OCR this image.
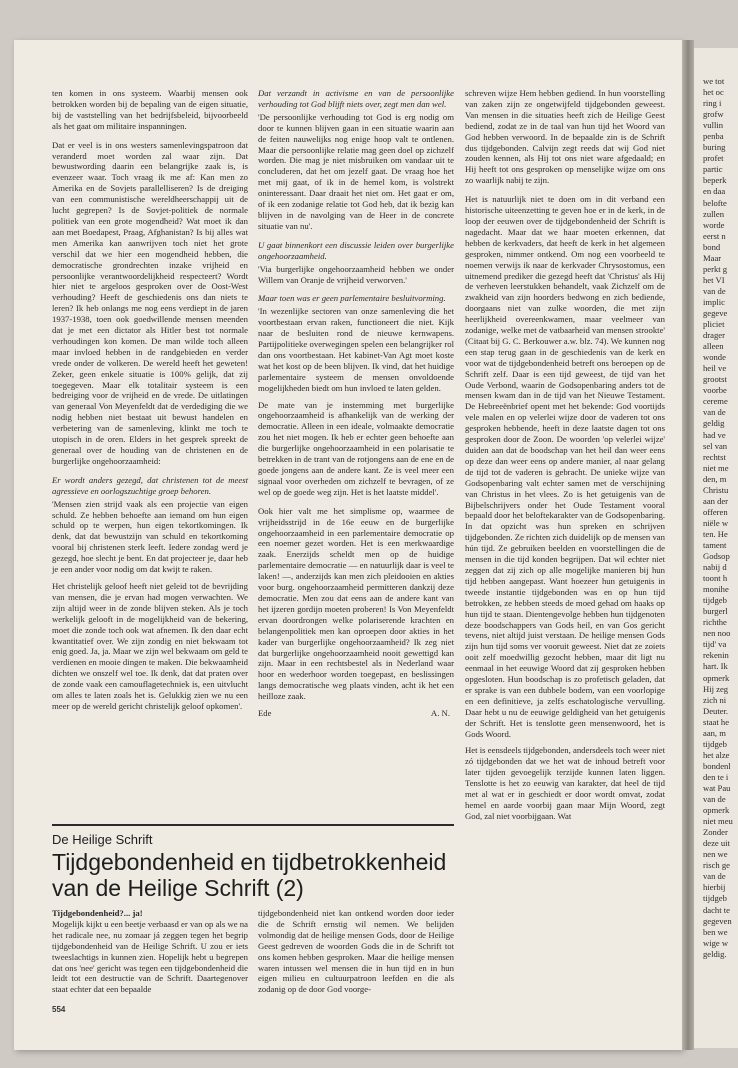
we tot
het oc
ring i
grofw
vullin
penba
buring
profet
partic
beperk
en daa
belofte
zullen
worde
eerst n
bond
Maar
perkt g
het VI
van de
implic
gegeve
pliciet
drager
alleen
wonde
heil ve
grootst
voorbe
cereme
van de
geldig
had ve
sel van
rechtst
niet me
den, m
Christu
aan der
offeren
niële w
ten. He
tament
Godsop
nabij d
toont h
monihe
tijdgeb
burgerl
richthe
nen noo
tijd' va
rekenin
hart. Ik
opmerk
Hij zeg
zich ni
Deuter.
staat he
aan, m
tijdgeb
het alze
bondenl
den te i
wat Pau
van de
opmerk
niet meu
Zonder
deze uit
nen we
risch ge
van de
hierbij
tijdgeb
dacht te
gegeven
ben we
wige w
geldig.

ten komen in ons systeem. Waarbij mensen ook betrokken worden bij de bepaling van de eigen situatie, bij de vaststelling van het bedrijfsbeleid, bijvoorbeeld als het gaat om militaire inspanningen.

Dat er veel is in ons westers samenlevingspatroon dat veranderd moet worden zal waar zijn. Dat bewustwording daarin een belangrijke zaak is, is evenzeer waar. Toch vraag ik me af: Kan men zo Amerika en de Sovjets parallelliseren? Is de dreiging van een communistische wereldheerschappij uit de lucht gegrepen? Is de Sovjet-politiek de normale politiek van een grote mogendheid? Wat moet ik dan aan met Boedapest, Praag, Afghanistan? Is bij alles wat men Amerika kan aanwrijven toch niet het grote verschil dat we hier een mogendheid hebben, die democratische grondrechten inzake vrijheid en persoonlijke verantwoordelijkheid respecteert? Wordt hier niet te argeloos gesproken over de Oost-West verhouding? Heeft de geschiedenis ons dan niets te leren? Ik heb onlangs me nog eens verdiept in de jaren 1937-1938, toen ook goedwillende mensen meenden dat je met een dictator als Hitler best tot normale verhoudingen kon komen. De man wilde toch alleen maar invloed hebben in de randgebieden en verder vrede onder de volkeren. De wereld heeft het geweten! Zeker, geen enkele situatie is 100% gelijk, dat zij toegegeven. Maar elk totalitair systeem is een bedreiging voor de vrijheid en de vrede. De uitlatingen van generaal Von Meyenfeldt dat de verdediging die we nodig hebben niet bestaat uit bewust handelen en verbetering van de samenleving, klinkt me toch te utopisch in de oren. Elders in het gesprek spreekt de generaal over de houding van de christenen en de burgerlijke ongehoorzaamheid:

Er wordt anders gezegd, dat christenen tot de meest agressieve en oorlogszuchtige groep behoren.

'Mensen zien strijd vaak als een projectie van eigen schuld. Ze hebben behoefte aan iemand om hun eigen schuld op te werpen, hun eigen tekortkomingen. Ik denk, dat dat bewustzijn van schuld en tekortkoming vooral bij christenen sterk leeft. Iedere zondag werd je gezegd, hoe slecht je bent. En dat projecteer je, daar heb je een ander voor nodig om dat kwijt te raken.

Het christelijk geloof heeft niet geleid tot de bevrijding van mensen, die je ervan had mogen verwachten. We zijn altijd weer in de zonde blijven steken. Als je toch werkelijk gelooft in de mogelijkheid van de bekering, moet die zonde toch ook wat afnemen. Ik den daar echt kwantitatief over. We zijn zondig en niet bekwaam tot enig goed. Ja, ja. Maar we zijn wel bekwaam om geld te verdienen en mooie dingen te maken. Die bekwaamheid dichten we onszelf wel toe. Ik denk, dat dat praten over de zonde vaak een camouflagetechniek is, een uitvlucht om alles te laten zoals het is. Gelukkig zien we nu een meer op de wereld gericht christelijk geloof opkomen'.

Dat verzandt in activisme en van de persoonlijke verhouding tot God blijft niets over, zegt men dan wel.

'De persoonlijke verhouding tot God is erg nodig om door te kunnen blijven gaan in een situatie waarin aan de feiten nauwelijks nog enige hoop valt te ontlenen. Maar die persoonlijke relatie mag geen doel op zichzelf worden. Die mag je niet misbruiken om vandaar uit te concluderen, dat het om jezelf gaat. De vraag hoe het met mij gaat, of ik in de hemel kom, is volstrekt oninteressant. Daar draait het niet om. Het gaat er om, of ik een zodanige relatie tot God heb, dat ik bezig kan blijven in de navolging van de Heer in de concrete situatie van nu'.

U gaat binnenkort een discussie leiden over burgerlijke ongehoorzaamheid.

'Via burgerlijke ongehoorzaamheid hebben we onder Willem van Oranje de vrijheid verworven.'

Maar toen was er geen parlementaire besluitvorming.

'In wezenlijke sectoren van onze samenleving die het voortbestaan ervan raken, functioneert die niet. Kijk naar de besluiten rond de nieuwe kernwapens. Partijpolitieke overwegingen spelen een belangrijker rol dan ons voortbestaan. Het kabinet-Van Agt moet koste wat het kost op de been blijven. Ik vind, dat het huidige parlementaire systeem de mensen onvoldoende mogelijkheden biedt om hun invloed te laten gelden.

De mate van je instemming met burgerlijke ongehoorzaamheid is afhankelijk van de werking der democratie. Alleen in een ideale, volmaakte democratie zou het niet mogen. Ik heb er echter geen behoefte aan die burgerlijke ongehoorzaamheid in een polarisatie te betrekken in de trant van de rotjongens aan de ene en de goede jongens aan de andere kant. Ze is veel meer een signaal voor overheden om zichzelf te bevragen, of ze wel op de goede weg zijn. Het is het laatste middel'.

Ook hier valt me het simplisme op, waarmee de vrijheidsstrijd in de 16e eeuw en de burgerlijke ongehoorzaamheid in een parlementaire democratie op een noemer gezet worden. Het is een merkwaardige zaak. Enerzijds scheldt men op de huidige parlementaire democratie — en natuurlijk daar is veel te laken! —, anderzijds kan men zich pleidooien en akties voor burg. ongehoorzaamheid permitteren dankzij deze democratie. Men zou dat eens aan de andere kant van het ijzeren gordijn moeten proberen! Is Von Meyenfeldt ervan doordrongen welke polariserende krachten en belangenpolitiek men kan oproepen door akties in het kader van burgerlijke ongehoorzaamheid? Ik zeg niet dat burgerlijke ongehoorzaamheid nooit gewettigd kan zijn. Maar in een rechtsbestel als in Nederland waar hoor en wederhoor worden toegepast, en beslissingen langs democratische weg plaats vinden, acht ik het een heilloze zaak.

Ede	A. N.

schreven wijze Hem hebben gediend. In hun voorstelling van zaken zijn ze ongetwijfeld tijdgebonden geweest. Van mensen in die situaties heeft zich de Heilige Geest bediend, zodat ze in de taal van hun tijd het Woord van God hebben verwoord. In de bepaalde zin is de Schrift dus tijdgebonden. Calvijn zegt reeds dat wij God niet zouden kennen, als Hij tot ons niet ware afgedaald; en Hij heeft tot ons gesproken op menselijke wijze om ons zo waarlijk nabij te zijn.

Het is natuurlijk niet te doen om in dit verband een historische uiteenzetting te geven hoe er in de kerk, in de loop der eeuwen over de tijdgebondenheid der Schrift is nagedacht. Maar dat we haar moeten erkennen, dat hebben de kerkvaders, dat heeft de kerk in het algemeen gesproken, nimmer ontkend. Om nog een voorbeeld te noemen verwijs ik naar de kerkvader Chrysostomus, een uitnemend prediker die gezegd heeft dat 'Christus' als Hij de verheven leerstukken behandelt, vaak Zichzelf om de zwakheid van zijn hoorders bedwong en zich bediende, doorgaans niet van zulke woorden, die met zijn heerlijkheid overeenkwamen, maar veelmeer van zodanige, welke met de vatbaarheid van mensen strookte' (Citaat bij G. C. Berkouwer a.w. blz. 74). We kunnen nog een stap terug gaan in de geschiedenis van de kerk en voor wat de tijdgebondenheid betreft ons beroepen op de Schrift zelf. Daar is een tijd geweest, de tijd van het Oude Verbond, waarin de Godsopenbaring anders tot de mensen kwam dan in de tijd van het Nieuwe Testament. De Hebreeënbrief opent met het bekende: God voortijds vele malen en op velerlei wijze door de vaderen tot ons gesproken hebbende, heeft in deze laatste dagen tot ons gesproken door de Zoon. De woorden 'op velerlei wijze' duiden aan dat de boodschap van het heil dan weer eens op deze dan weer eens op andere manier, al naar gelang de tijd tot de vaderen is gebracht. De unieke wijze van Godsopenbaring valt echter samen met de verschijning van Christus in het vlees. Zo is het getuigenis van de Bijbelschrijvers onder het Oude Testament vooral bepaald door het beloftekarakter van de Godsopenbaring. In dat opzicht was hun spreken en schrijven tijdgebonden. Ze richten zich duidelijk op de mensen van hún tijd. Ze gebruiken beelden en voorstellingen die de mensen in die tijd konden begrijpen. Dat wil echter niet zeggen dat zij zich op alle mogelijke manieren bij hun tijd hebben aangepast. Want hoezeer hun getuigenis in tweede instantie tijdgebonden was en op hun tijd betrokken, ze hebben steeds de moed gehad om haaks op hun tijd te staan. Dientengevolge hebben hun tijdgenoten deze boodschappers van Gods heil, en van Gos gericht tevens, niet altijd juist verstaan. De heilige mensen Gods zijn hun tijd soms ver vooruit geweest. Niet dat ze zoiets ooit zelf moedwillig gezocht hebben, maar dit ligt nu eenmaal in het eeuwige Woord dat zij gesproken hebben opgesloten. Hun boodschap is zo profetisch geladen, dat er sprake is van een dubbele bodem, van een voorlopige en een definitieve, ja zelfs eschatologische vervulling. Daar hebt u nu de eeuwige geldigheid van het getuigenis der Schrift. Het is tenslotte geen mensenwoord, het is Gods Woord.

Het is eensdeels tijdgebonden, andersdeels toch weer niet zó tijdgebonden dat we het wat de inhoud betreft voor later tijden gevoegelijk terzijde kunnen laten liggen. Tenslotte is het zo eeuwig van karakter, dat heel de tijd met al wat er in geschiedt er door wordt omvat, zodat hemel en aarde voorbij gaan maar Mijn Woord, zegt God, zal niet voorbijgaan. Wat

De Heilige Schrift
Tijdgebondenheid en tijdbetrokkenheid van de Heilige Schrift (2)

Tijdgebondenheid?... ja!
Mogelijk kijkt u een beetje verbaasd er van op als we na het radicale nee, nu zomaar já zeggen tegen het begrip tijdgebondenheid van de Heilige Schrift. U zou er iets tweeslachtigs in kunnen zien. Hopelijk hebt u begrepen dat ons 'nee' gericht was tegen een tijdgebondenheid die leidt tot een destructie van de Schrift. Daartegenover staat echter dat een bepaalde

tijdgebondenheid niet kan ontkend worden door ieder die de Schrift ernstig wil nemen. We belijden volmondig dat de heilige mensen Gods, door de Heilige Geest gedreven de woorden Gods die in de Schrift tot ons komen hebben gesproken. Maar die heilige mensen waren intussen wel mensen die in hun tijd en in hun eigen milieu en cultuurpatroon leefden en die als zodanig op de door God voorge-

554
